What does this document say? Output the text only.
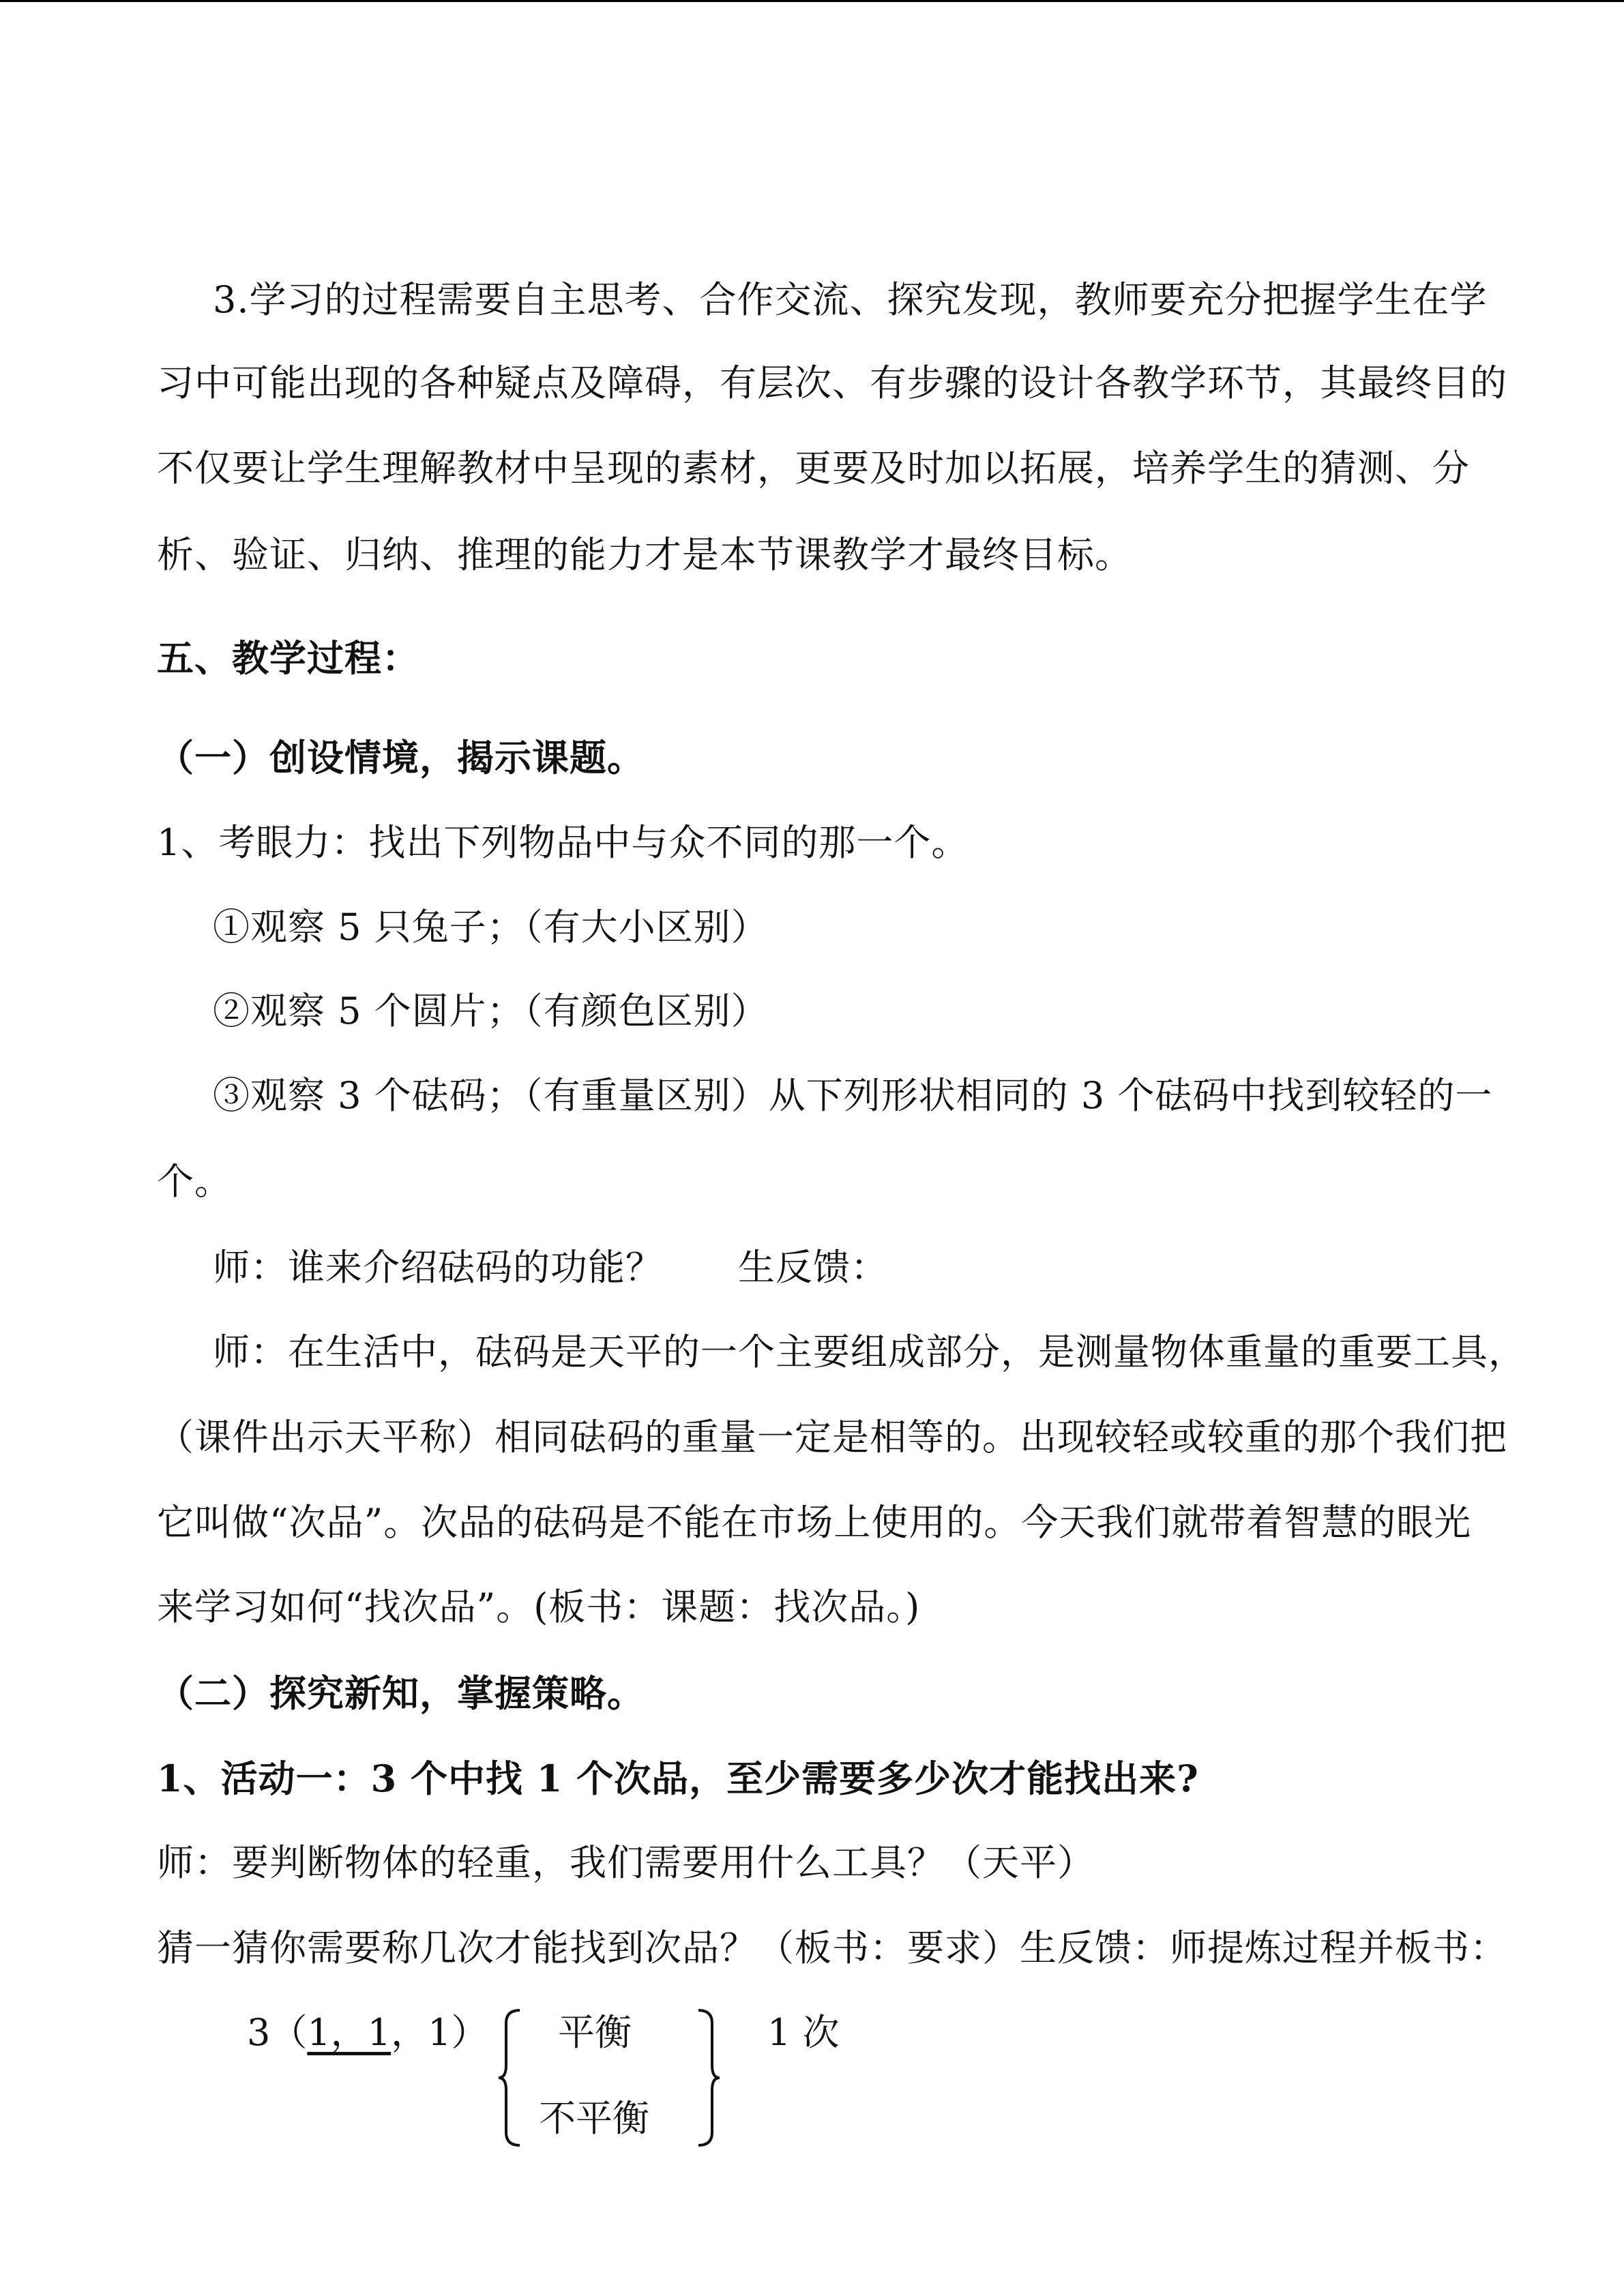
3.学习的过程需要自主思考、合作交流、探究发现，教师要充分把握学生在学

习中可能出现的各种疑点及障碍，有层次、有步骤的设计各教学环节，其最终目的

不仅要让学生理解教材中呈现的素材，更要及时加以拓展，培养学生的猜测、分

析、验证、归纳、推理的能力才是本节课教学才最终目标。

五、教学过程：

（一）创设情境，揭示课题。

1、考眼力：找出下列物品中与众不同的那一个。

①观察 5 只兔子；（有大小区别）

②观察 5 个圆片；（有颜色区别）

③观察 3 个砝码；（有重量区别）从下列形状相同的 3 个砝码中找到较轻的一

个。

师：谁来介绍砝码的功能？　　生反馈：

师：在生活中，砝码是天平的一个主要组成部分，是测量物体重量的重要工具，

（课件出示天平称）相同砝码的重量一定是相等的。出现较轻或较重的那个我们把

它叫做“次品”。次品的砝码是不能在市场上使用的。今天我们就带着智慧的眼光

来学习如何“找次品”。(板书：课题：找次品。)

（二）探究新知，掌握策略。

1、活动一：3 个中找 1 个次品，至少需要多少次才能找出来?

师：要判断物体的轻重，我们需要用什么工具？（天平）

猜一猜你需要称几次才能找到次品？（板书：要求）生反馈：师提炼过程并板书：

3（1，1，1） 平衡

不平衡

1 次
